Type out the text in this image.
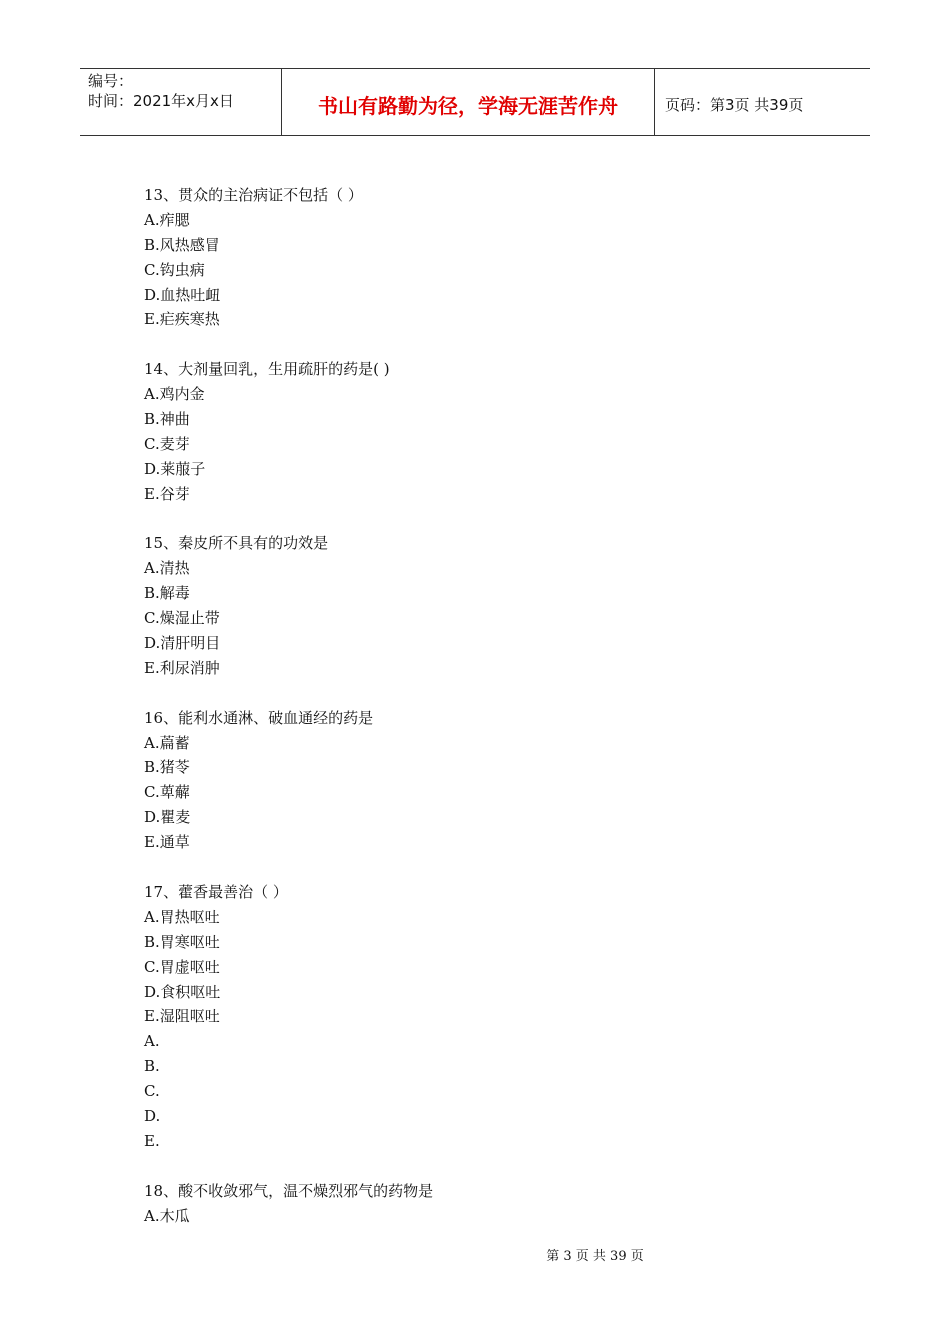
编号：
时间：2021年x月x日	书山有路勤为径，学海无涯苦作舟	页码：第3页 共39页
13、贯众的主治病证不包括（ ）
A.痄腮
B.风热感冒
C.钩虫病
D.血热吐衄
E.疟疾寒热
14、大剂量回乳，生用疏肝的药是( )
A.鸡内金
B.神曲
C.麦芽
D.莱菔子
E.谷芽
15、秦皮所不具有的功效是
A.清热
B.解毒
C.燥湿止带
D.清肝明目
E.利尿消肿
16、能利水通淋、破血通经的药是
A.萹蓄
B.猪苓
C.萆薢
D.瞿麦
E.通草
17、藿香最善治（ ）
A.胃热呕吐
B.胃寒呕吐
C.胃虚呕吐
D.食积呕吐
E.湿阻呕吐
A.
B.
C.
D.
E.
18、酸不收敛邪气，温不燥烈邪气的药物是
A.木瓜
第 3 页 共 39 页
